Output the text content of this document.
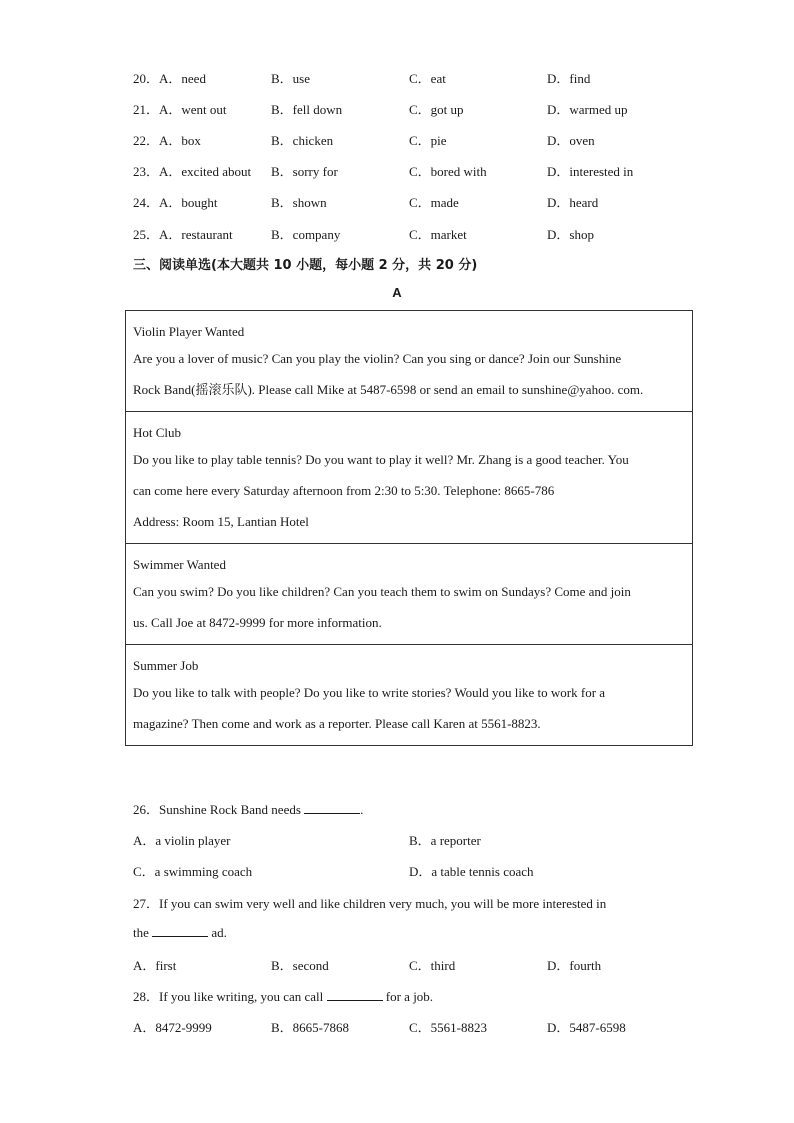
20．A．need	B．use	C．eat	D．find
21．A．went out	B．fell down	C．got up	D．warmed up
22．A．box	B．chicken	C．pie	D．oven
23．A．excited about B．sorry for	C．bored with	D．interested in
24．A．bought	B．shown	C．made	D．heard
25．A．restaurant	B．company	C．market	D．shop
三、阅读单选(本大题共 10 小题，每小题 2 分，共 20 分)
A
Violin Player Wanted
Are you a lover of music? Can you play the violin? Can you sing or dance? Join our Sunshine
Rock Band(摇滚乐队). Please call Mike at 5487-6598 or send an email to sunshine@yahoo. com.
Hot Club
Do you like to play table tennis? Do you want to play it well? Mr. Zhang is a good teacher. You
can come here every Saturday afternoon from 2:30 to 5:30. Telephone: 8665-786
Address: Room 15, Lantian Hotel
Swimmer Wanted
Can you swim? Do you like children? Can you teach them to swim on Sundays? Come and join
us. Call Joe at 8472-9999 for more information.
Summer Job
Do you like to talk with people? Do you like to write stories? Would you like to work for a
magazine? Then come and work as a reporter. Please call Karen at 5561-8823.
26．Sunshine Rock Band needs	.
A．a violin player	B．a reporter
C．a swimming coach	D．a table tennis coach
27．If you can swim very well and like children very much, you will be more interested in
the	ad.
A．first	B．second	C．third	D．fourth
28．If you like writing, you can call	for a job.
A．8472-9999	B．8665-7868	C．5561-8823	D．5487-6598
